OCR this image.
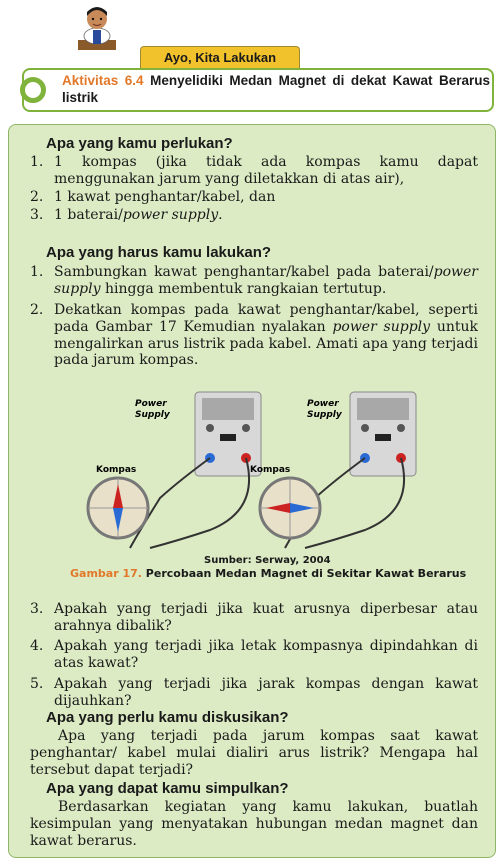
Ayo, Kita Lakukan
Aktivitas 6.4 Menyelidiki Medan Magnet di dekat Kawat Berarus listrik
Apa yang kamu perlukan?
1. 1 kompas (jika tidak ada kompas kamu dapat menggunakan jarum yang diletakkan di atas air),
2. 1 kawat penghantar/kabel, dan
3. 1 baterai/power supply.
Apa yang harus kamu lakukan?
1. Sambungkan kawat penghantar/kabel pada baterai/power supply hingga membentuk rangkaian tertutup.
2. Dekatkan kompas pada kawat penghantar/kabel, seperti pada Gambar 17 Kemudian nyalakan power supply untuk mengalirkan arus listrik pada kabel. Amati apa yang terjadi pada jarum kompas.
Power
Supply
Power
Supply
Kompas	Kompas
Sumber: Serway, 2004
Gambar 17. Percobaan Medan Magnet di Sekitar Kawat Berarus
3. Apakah yang terjadi jika kuat arusnya diperbesar atau arahnya dibalik?
4. Apakah yang terjadi jika letak kompasnya dipindahkan di atas kawat?
5. Apakah yang terjadi jika jarak kompas dengan kawat dijauhkan?
Apa yang perlu kamu diskusikan?
Apa yang terjadi pada jarum kompas saat kawat penghantar/ kabel mulai dialiri arus listrik? Mengapa hal tersebut dapat terjadi?
Apa yang dapat kamu simpulkan?
Berdasarkan kegiatan yang kamu lakukan, buatlah kesimpulan yang menyatakan hubungan medan magnet dan kawat berarus.
